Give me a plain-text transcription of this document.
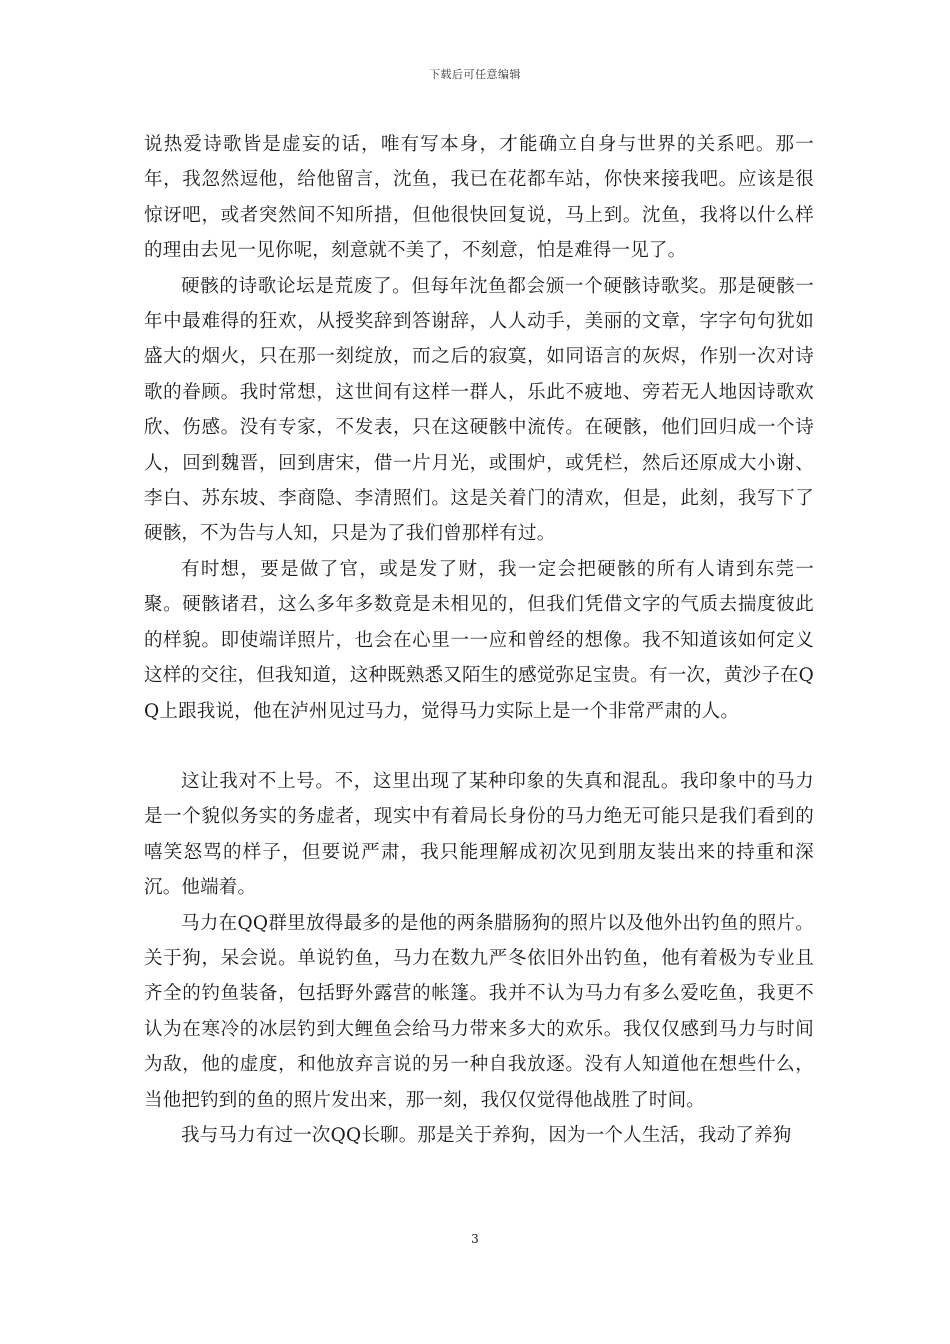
下载后可任意编辑

说热爱诗歌皆是虚妄的话，唯有写本身，才能确立自身与世界的关系吧。那一年，我忽然逗他，给他留言，沈鱼，我已在花都车站，你快来接我吧。应该是很惊讶吧，或者突然间不知所措，但他很快回复说，马上到。沈鱼，我将以什么样的理由去见一见你呢，刻意就不美了，不刻意，怕是难得一见了。

硬骸的诗歌论坛是荒废了。但每年沈鱼都会颁一个硬骸诗歌奖。那是硬骸一年中最难得的狂欢，从授奖辞到答谢辞，人人动手，美丽的文章，字字句句犹如盛大的烟火，只在那一刻绽放，而之后的寂寞，如同语言的灰烬，作别一次对诗歌的眷顾。我时常想，这世间有这样一群人，乐此不疲地、旁若无人地因诗歌欢欣、伤感。没有专家，不发表，只在这硬骸中流传。在硬骸，他们回归成一个诗人，回到魏晋，回到唐宋，借一片月光，或围炉，或凭栏，然后还原成大小谢、李白、苏东坡、李商隐、李清照们。这是关着门的清欢，但是，此刻，我写下了硬骸，不为告与人知，只是为了我们曾那样有过。

有时想，要是做了官，或是发了财，我一定会把硬骸的所有人请到东莞一聚。硬骸诸君，这么多年多数竟是未相见的，但我们凭借文字的气质去揣度彼此的样貌。即使端详照片，也会在心里一一应和曾经的想像。我不知道该如何定义这样的交往，但我知道，这种既熟悉又陌生的感觉弥足宝贵。有一次，黄沙子在QQ上跟我说，他在泸州见过马力，觉得马力实际上是一个非常严肃的人。

这让我对不上号。不，这里出现了某种印象的失真和混乱。我印象中的马力是一个貌似务实的务虚者，现实中有着局长身份的马力绝无可能只是我们看到的嘻笑怒骂的样子，但要说严肃，我只能理解成初次见到朋友装出来的持重和深沉。他端着。

马力在QQ群里放得最多的是他的两条腊肠狗的照片以及他外出钓鱼的照片。关于狗，呆会说。单说钓鱼，马力在数九严冬依旧外出钓鱼，他有着极为专业且齐全的钓鱼装备，包括野外露营的帐篷。我并不认为马力有多么爱吃鱼，我更不认为在寒冷的冰层钓到大鲤鱼会给马力带来多大的欢乐。我仅仅感到马力与时间为敌，他的虚度，和他放弃言说的另一种自我放逐。没有人知道他在想些什么，当他把钓到的鱼的照片发出来，那一刻，我仅仅觉得他战胜了时间。

我与马力有过一次QQ长聊。那是关于养狗，因为一个人生活，我动了养狗

3
